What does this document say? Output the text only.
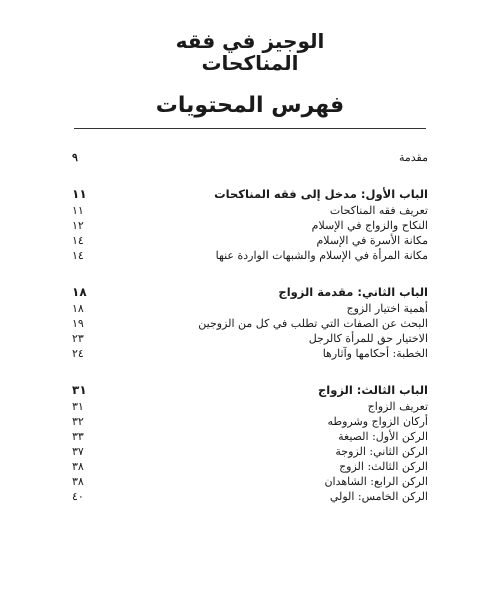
الوجيز في فقه
المناكحات
فهرس المحتويات
٩	مقدمة
١١	الباب الأول: مدخل إلى فقه المناكحات
١١	تعريف فقه المناكحات
١٢	النكاح والزواج في الإسلام
١٤	مكانة الأسرة في الإسلام
١٤	مكانة المرأة في الإسلام والشبهات الواردة عنها
١٨	الباب الثاني: مقدمة الزواج
١٨	أهمية اختيار الزوج
١٩	البحث عن الصفات التي تطلب في كل من الزوجين
٢٣	الاختيار حق للمرأة كالرجل
٢٤	الخطبة: أحكامها وآثارها
٣١	الباب الثالث: الزواج
٣١	تعريف الزواج
٣٢	أركان الزواج وشروطه
٣٣	الركن الأول: الصيغة
٣٧	الركن الثاني: الزوجة
٣٨	الركن الثالث: الزوج
٣٨	الركن الرابع: الشاهدان
٤٠	الركن الخامس: الولي
